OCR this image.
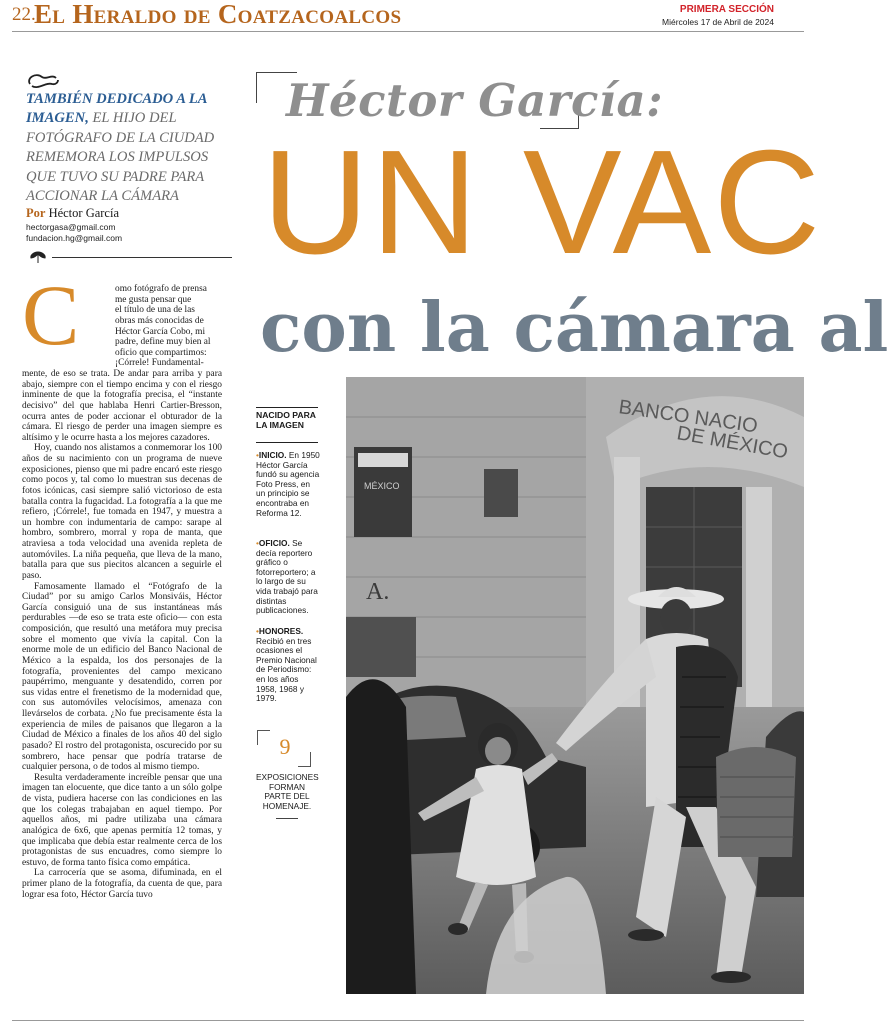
22.
El Heraldo de Coatzacoalcos	PRIMERA SECCIÓN
Miércoles 17 de Abril de 2024
TAMBIÉN DEDICADO A LA IMAGEN, EL HIJO DEL FOTÓGRAFO DE LA CIUDAD REMEMORA LOS IMPULSOS QUE TUVO SU PADRE PARA ACCIONAR LA CÁMARA
Por Héctor García
hectorgasa@gmail.com
fundacion.hg@gmail.com
C	omo fotógrafo de prensa
me gusta pensar que
el título de una de las
obras más conocidas de
Héctor García Cobo, mi
padre, define muy bien al
oficio que compartimos:
¡Córrele! Fundamental-

mente, de eso se trata. De andar para arriba y para abajo, siempre con el tiempo encima y con el riesgo inminente de que la fotografía precisa, el “instante decisivo” del que hablaba Henri Cartier-Bresson, ocurra antes de poder accionar el obturador de la cámara. El riesgo de perder una imagen siempre es altísimo y le ocurre hasta a los mejores cazadores.

Hoy, cuando nos alistamos a conmemorar los 100 años de su nacimiento con un programa de nueve exposiciones, pienso que mi padre encaró este riesgo como pocos y, tal como lo muestran sus decenas de fotos icónicas, casi siempre salió victorioso de esta batalla contra la fugacidad. La fotografía a la que me refiero, ¡Córrele!, fue tomada en 1947, y muestra a un hombre con indumentaria de campo: sarape al hombro, sombrero, morral y ropa de manta, que atraviesa a toda velocidad una avenida repleta de automóviles. La niña pequeña, que lleva de la mano, batalla para que sus piecitos alcancen a seguirle el paso.

Famosamente llamado el “Fotógrafo de la Ciudad” por su amigo Carlos Monsiváis, Héctor García consiguió una de sus instantáneas más perdurables —de eso se trata este oficio— con esta composición, que resultó una metáfora muy precisa sobre el momento que vivía la capital. Con la enorme mole de un edificio del Banco Nacional de México a la espalda, los dos personajes de la fotografía, provenientes del campo mexicano paupérrimo, menguante y desatendido, corren por sus vidas entre el frenetismo de la modernidad que, con sus automóviles velocísimos, amenaza con llevárselos de corbata. ¿No fue precisamente ésta la experiencia de miles de paisanos que llegaron a la Ciudad de México a finales de los años 40 del siglo pasado? El rostro del protagonista, oscurecido por su sombrero, hace pensar que podría tratarse de cualquier persona, o de todos al mismo tiempo.

Resulta verdaderamente increíble pensar que una imagen tan elocuente, que dice tanto a un sólo golpe de vista, pudiera hacerse con las condiciones en las que los colegas trabajaban en aquel tiempo. Por aquellos años, mi padre utilizaba una cámara analógica de 6x6, que apenas permitía 12 tomas, y que implicaba que debía estar realmente cerca de los protagonistas de sus encuadres, como siempre lo estuvo, de forma tanto física como empática.

La carrocería que se asoma, difuminada, en el primer plano de la fotografía, da cuenta de que, para lograr esa foto, Héctor García tuvo

Héctor García:
UN VAC
con la cámara al
NACIDO PARA LA IMAGEN
•INICIO. En 1950 Héctor García fundó su agencia Foto Press, en un principio se encontraba en Reforma 12.
•OFICIO. Se decía reportero gráfico o fotorreportero; a lo largo de su vida trabajó para distintas publicaciones.
•HONORES. Recibió en tres ocasiones el Premio Nacional de Periodismo: en los años 1958, 1968 y 1979.
9
EXPOSICIONES FORMAN PARTE DEL HOMENAJE.
MÉXICO
A.
BANCO NACIO
DE MÉXICO
